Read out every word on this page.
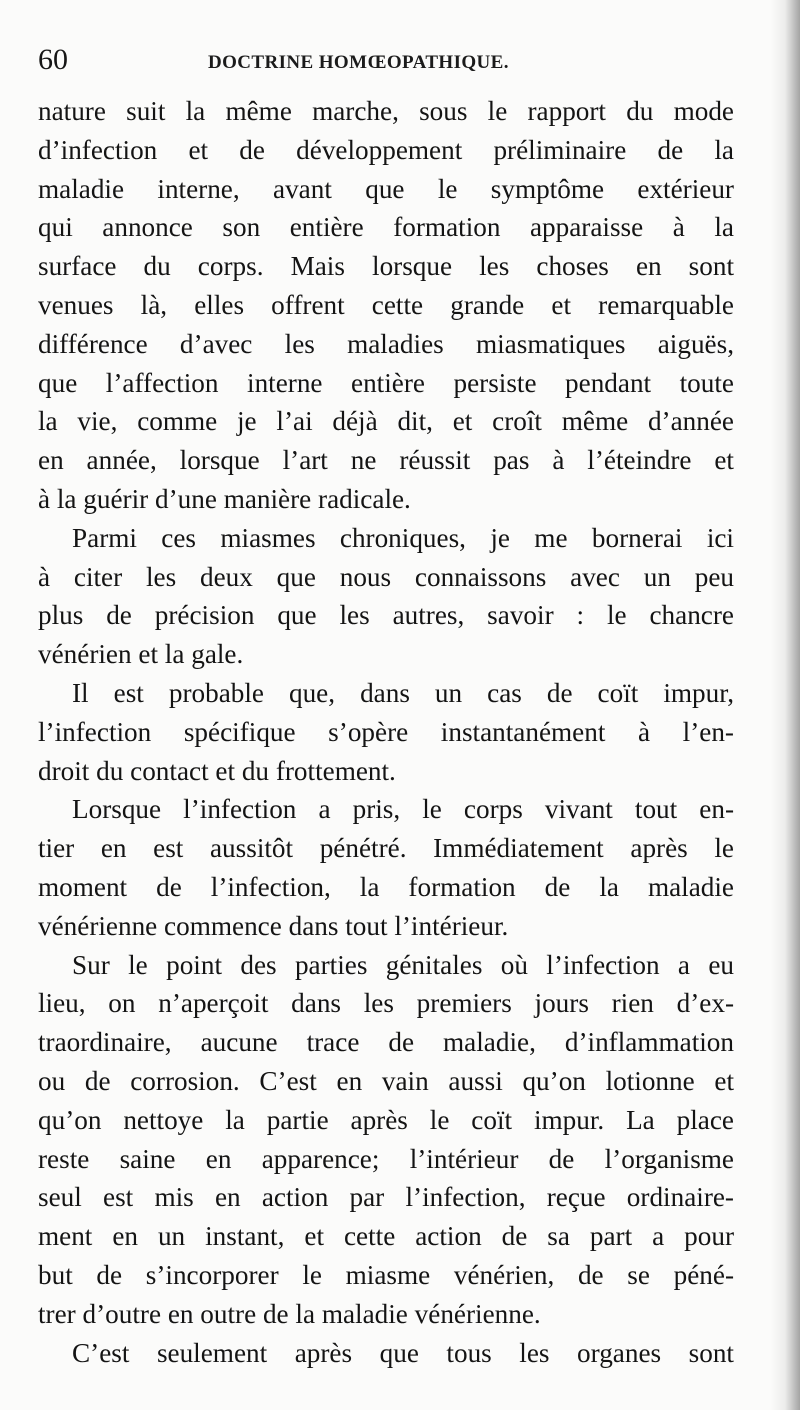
60	DOCTRINE HOMŒOPATHIQUE.

nature suit la même marche, sous le rapport du mode
d’infection et de développement préliminaire de la
maladie interne, avant que le symptôme extérieur
qui annonce son entière formation apparaisse à la
surface du corps. Mais lorsque les choses en sont
venues là, elles offrent cette grande et remarquable
différence d’avec les maladies miasmatiques aiguës,
que l’affection interne entière persiste pendant toute
la vie, comme je l’ai déjà dit, et croît même d’année
en année, lorsque l’art ne réussit pas à l’éteindre et
à la guérir d’une manière radicale.

Parmi ces miasmes chroniques, je me bornerai ici
à citer les deux que nous connaissons avec un peu
plus de précision que les autres, savoir : le chancre
vénérien et la gale.

Il est probable que, dans un cas de coït impur,
l’infection spécifique s’opère instantanément à l’en-
droit du contact et du frottement.

Lorsque l’infection a pris, le corps vivant tout en-
tier en est aussitôt pénétré. Immédiatement après le
moment de l’infection, la formation de la maladie
vénérienne commence dans tout l’intérieur.

Sur le point des parties génitales où l’infection a eu
lieu, on n’aperçoit dans les premiers jours rien d’ex-
traordinaire, aucune trace de maladie, d’inflammation
ou de corrosion. C’est en vain aussi qu’on lotionne et
qu’on nettoye la partie après le coït impur. La place
reste saine en apparence; l’intérieur de l’organisme
seul est mis en action par l’infection, reçue ordinaire-
ment en un instant, et cette action de sa part a pour
but de s’incorporer le miasme vénérien, de se péné-
trer d’outre en outre de la maladie vénérienne.

C’est seulement après que tous les organes sont
